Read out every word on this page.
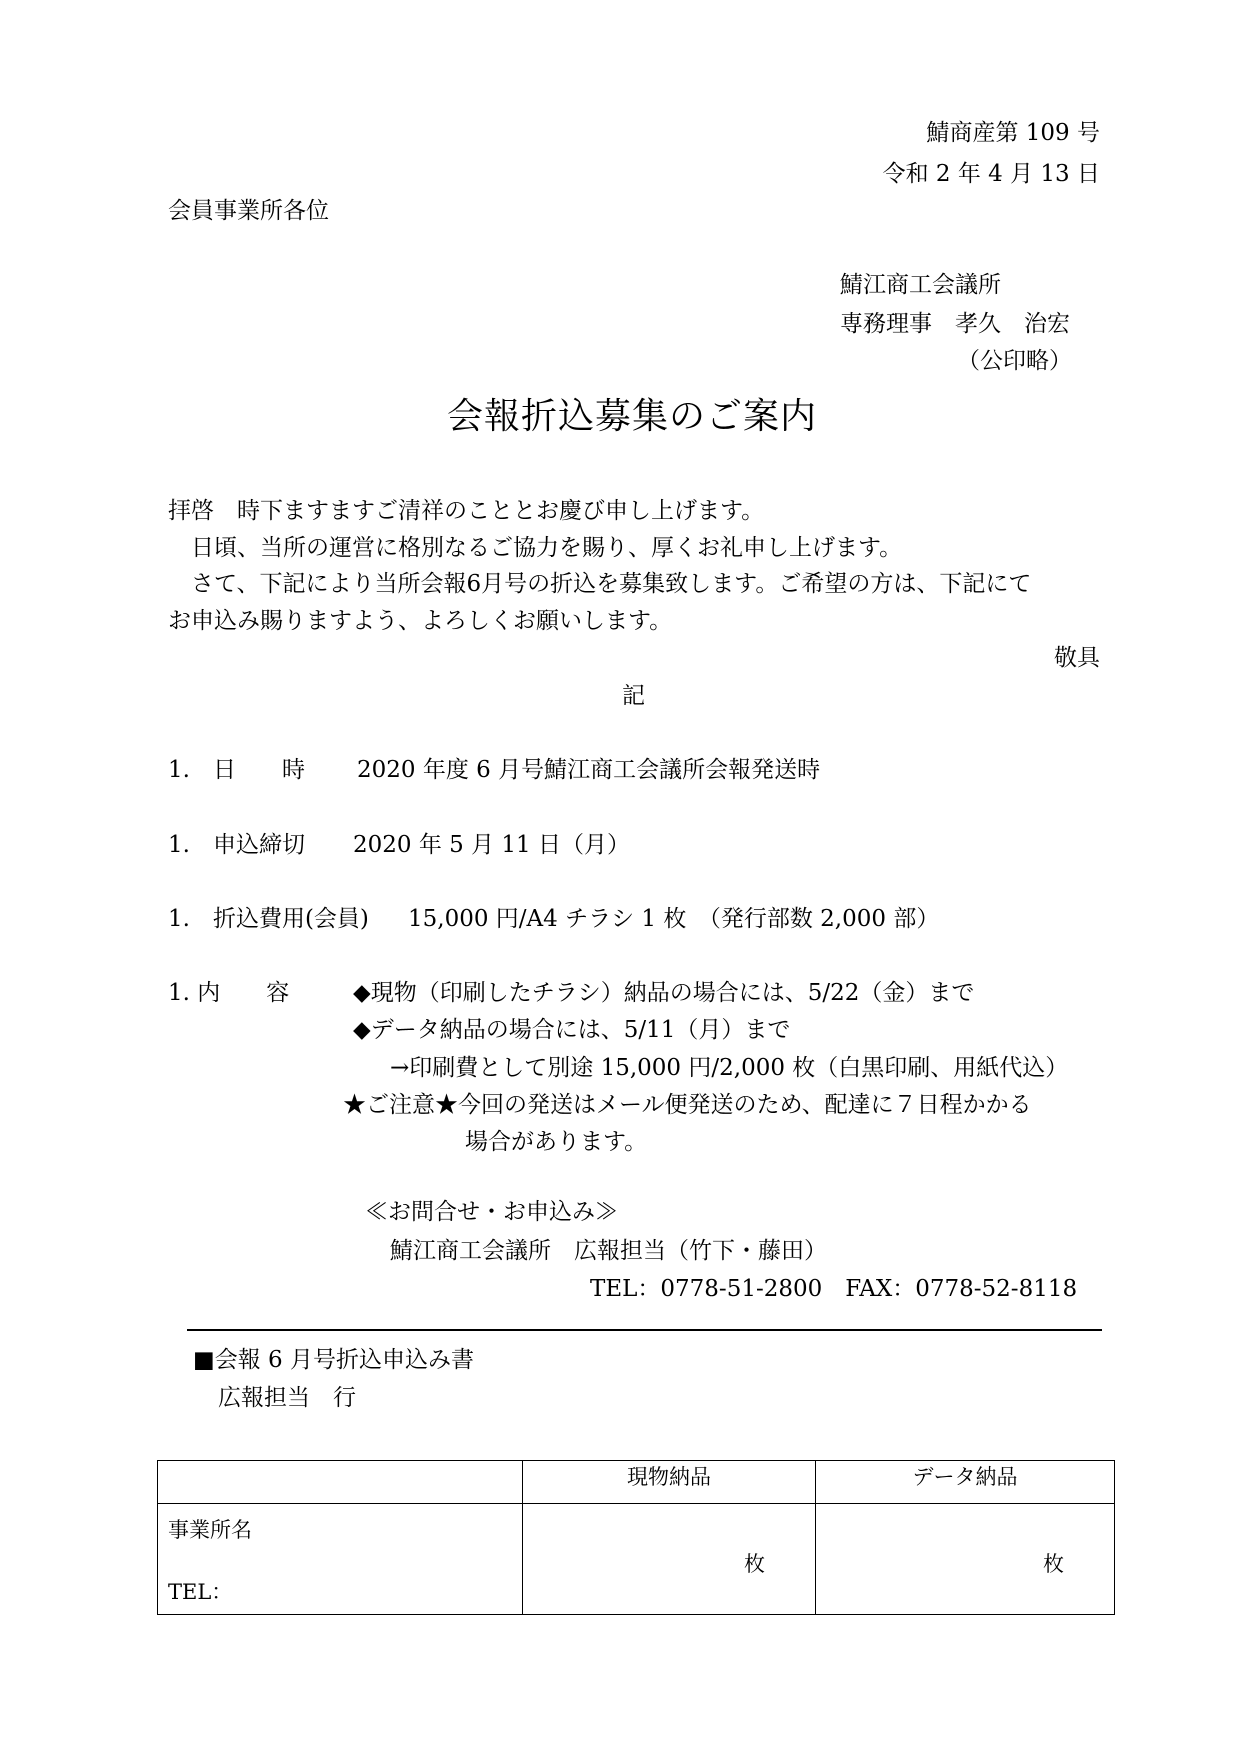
鯖商産第 109 号
令和 2 年 4 月 13 日
会員事業所各位
鯖江商工会議所
専務理事　孝久　治宏
（公印略）
会報折込募集のご案内
拝啓　時下ますますご清祥のこととお慶び申し上げます。
　日頃、当所の運営に格別なるご協力を賜り、厚くお礼申し上げます。
　さて、下記により当所会報6月号の折込を募集致します。ご希望の方は、下記にて
お申込み賜りますよう、よろしくお願いします。
敬具
記
1.　日　　時 2020 年度 6 月号鯖江商工会議所会報発送時
1.　申込締切 2020 年 5 月 11 日（月）
1.　折込費用(会員) 15,000 円/A4 チラシ 1 枚　（発行部数 2,000 部）
1. 内　　容	◆現物（印刷したチラシ）納品の場合には、5/22（金）まで
◆データ納品の場合には、5/11（月）まで
→印刷費として別途 15,000 円/2,000 枚（白黒印刷、用紙代込）
★ご注意★今回の発送はメール便発送のため、配達に７日程かかる
場合があります。
≪お問合せ・お申込み≫
鯖江商工会議所　広報担当（竹下・藤田）
TEL：0778-51-2800　FAX：0778-52-8118
■会報 6 月号折込申込み書
広報担当　行
	現物納品	データ納品

事業所名
TEL：	枚	枚
